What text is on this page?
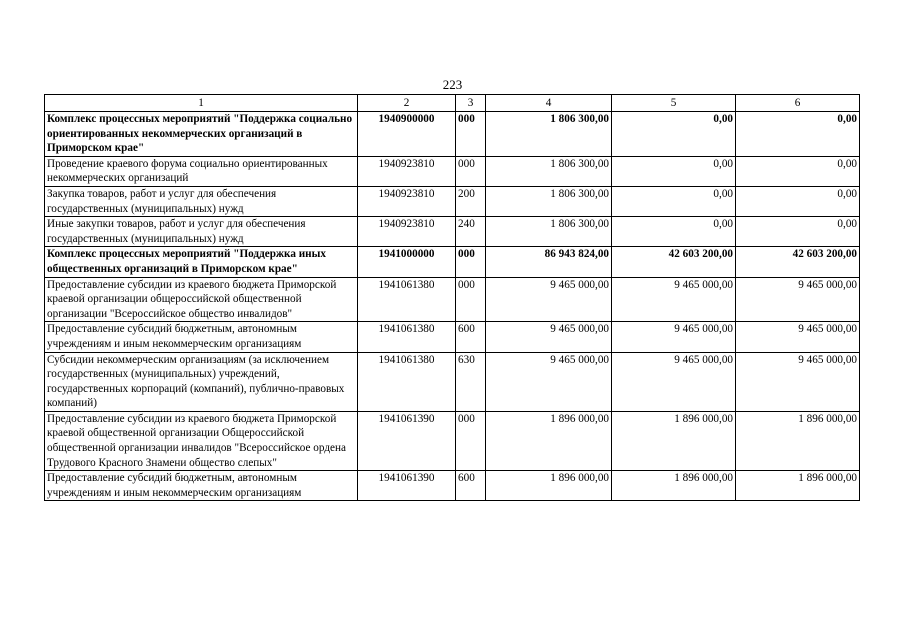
223
1	2	3	4	5	6
Комплекс процессных мероприятий "Поддержка социально ориентированных некоммерческих организаций в Приморском крае"	1940900000	000	1 806 300,00	0,00	0,00
Проведение краевого форума социально ориентированных некоммерческих организаций	1940923810	000	1 806 300,00	0,00	0,00
Закупка товаров, работ и услуг для обеспечения государственных (муниципальных) нужд	1940923810	200	1 806 300,00	0,00	0,00
Иные закупки товаров, работ и услуг для обеспечения государственных (муниципальных) нужд	1940923810	240	1 806 300,00	0,00	0,00
Комплекс процессных мероприятий "Поддержка иных общественных организаций в Приморском крае"	1941000000	000	86 943 824,00	42 603 200,00	42 603 200,00
Предоставление субсидии из краевого бюджета Приморской краевой организации общероссийской общественной организации "Всероссийское общество инвалидов"	1941061380	000	9 465 000,00	9 465 000,00	9 465 000,00
Предоставление субсидий бюджетным, автономным учреждениям и иным некоммерческим организациям	1941061380	600	9 465 000,00	9 465 000,00	9 465 000,00
Субсидии некоммерческим организациям (за исключением государственных (муниципальных) учреждений, государственных корпораций (компаний), публично-правовых компаний)	1941061380	630	9 465 000,00	9 465 000,00	9 465 000,00
Предоставление субсидии из краевого бюджета Приморской краевой общественной организации Общероссийской общественной организации инвалидов "Всероссийское ордена Трудового Красного Знамени общество слепых"	1941061390	000	1 896 000,00	1 896 000,00	1 896 000,00
Предоставление субсидий бюджетным, автономным учреждениям и иным некоммерческим организациям	1941061390	600	1 896 000,00	1 896 000,00	1 896 000,00
